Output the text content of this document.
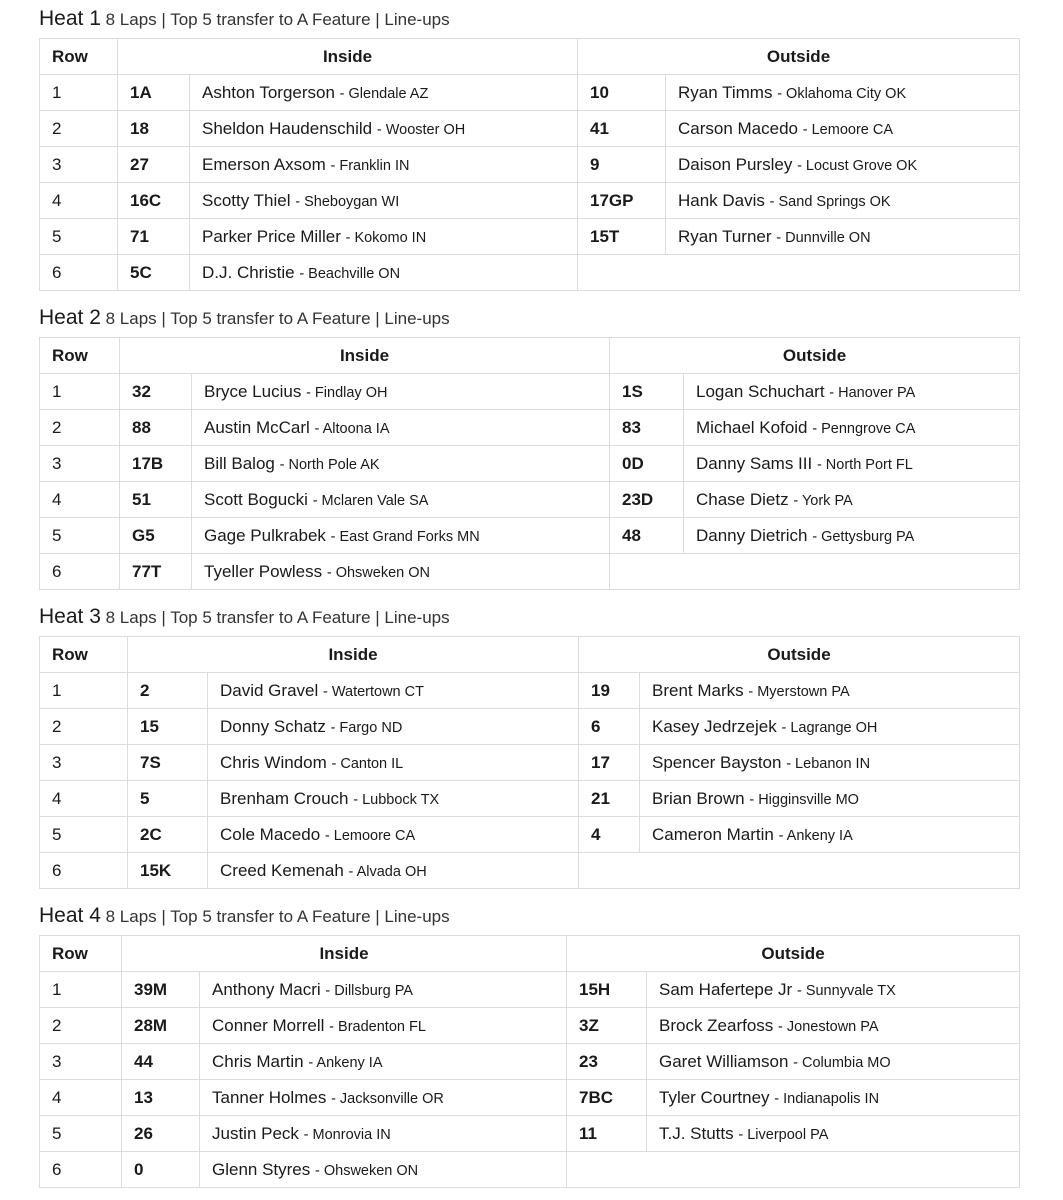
Heat 1 8 Laps | Top 5 transfer to A Feature | Line-ups
Row	Inside		Outside	
1	1A	Ashton Torgerson - Glendale AZ	10	Ryan Timms - Oklahoma City OK
2	18	Sheldon Haudenschild - Wooster OH	41	Carson Macedo - Lemoore CA
3	27	Emerson Axsom - Franklin IN	9	Daison Pursley - Locust Grove OK
4	16C	Scotty Thiel - Sheboygan WI	17GP	Hank Davis - Sand Springs OK
5	71	Parker Price Miller - Kokomo IN	15T	Ryan Turner - Dunnville ON
6	5C	D.J. Christie - Beachville ON		
Heat 2 8 Laps | Top 5 transfer to A Feature | Line-ups
Row	Inside		Outside	
1	32	Bryce Lucius - Findlay OH	1S	Logan Schuchart - Hanover PA
2	88	Austin McCarl - Altoona IA	83	Michael Kofoid - Penngrove CA
3	17B	Bill Balog - North Pole AK	0D	Danny Sams III - North Port FL
4	51	Scott Bogucki - Mclaren Vale SA	23D	Chase Dietz - York PA
5	G5	Gage Pulkrabek - East Grand Forks MN	48	Danny Dietrich - Gettysburg PA
6	77T	Tyeller Powless - Ohsweken ON		
Heat 3 8 Laps | Top 5 transfer to A Feature | Line-ups
Row	Inside		Outside	
1	2	David Gravel - Watertown CT	19	Brent Marks - Myerstown PA
2	15	Donny Schatz - Fargo ND	6	Kasey Jedrzejek - Lagrange OH
3	7S	Chris Windom - Canton IL	17	Spencer Bayston - Lebanon IN
4	5	Brenham Crouch - Lubbock TX	21	Brian Brown - Higginsville MO
5	2C	Cole Macedo - Lemoore CA	4	Cameron Martin - Ankeny IA
6	15K	Creed Kemenah - Alvada OH		
Heat 4 8 Laps | Top 5 transfer to A Feature | Line-ups
Row	Inside		Outside	
1	39M	Anthony Macri - Dillsburg PA	15H	Sam Hafertepe Jr - Sunnyvale TX
2	28M	Conner Morrell - Bradenton FL	3Z	Brock Zearfoss - Jonestown PA
3	44	Chris Martin - Ankeny IA	23	Garet Williamson - Columbia MO
4	13	Tanner Holmes - Jacksonville OR	7BC	Tyler Courtney - Indianapolis IN
5	26	Justin Peck - Monrovia IN	11	T.J. Stutts - Liverpool PA
6	0	Glenn Styres - Ohsweken ON		
